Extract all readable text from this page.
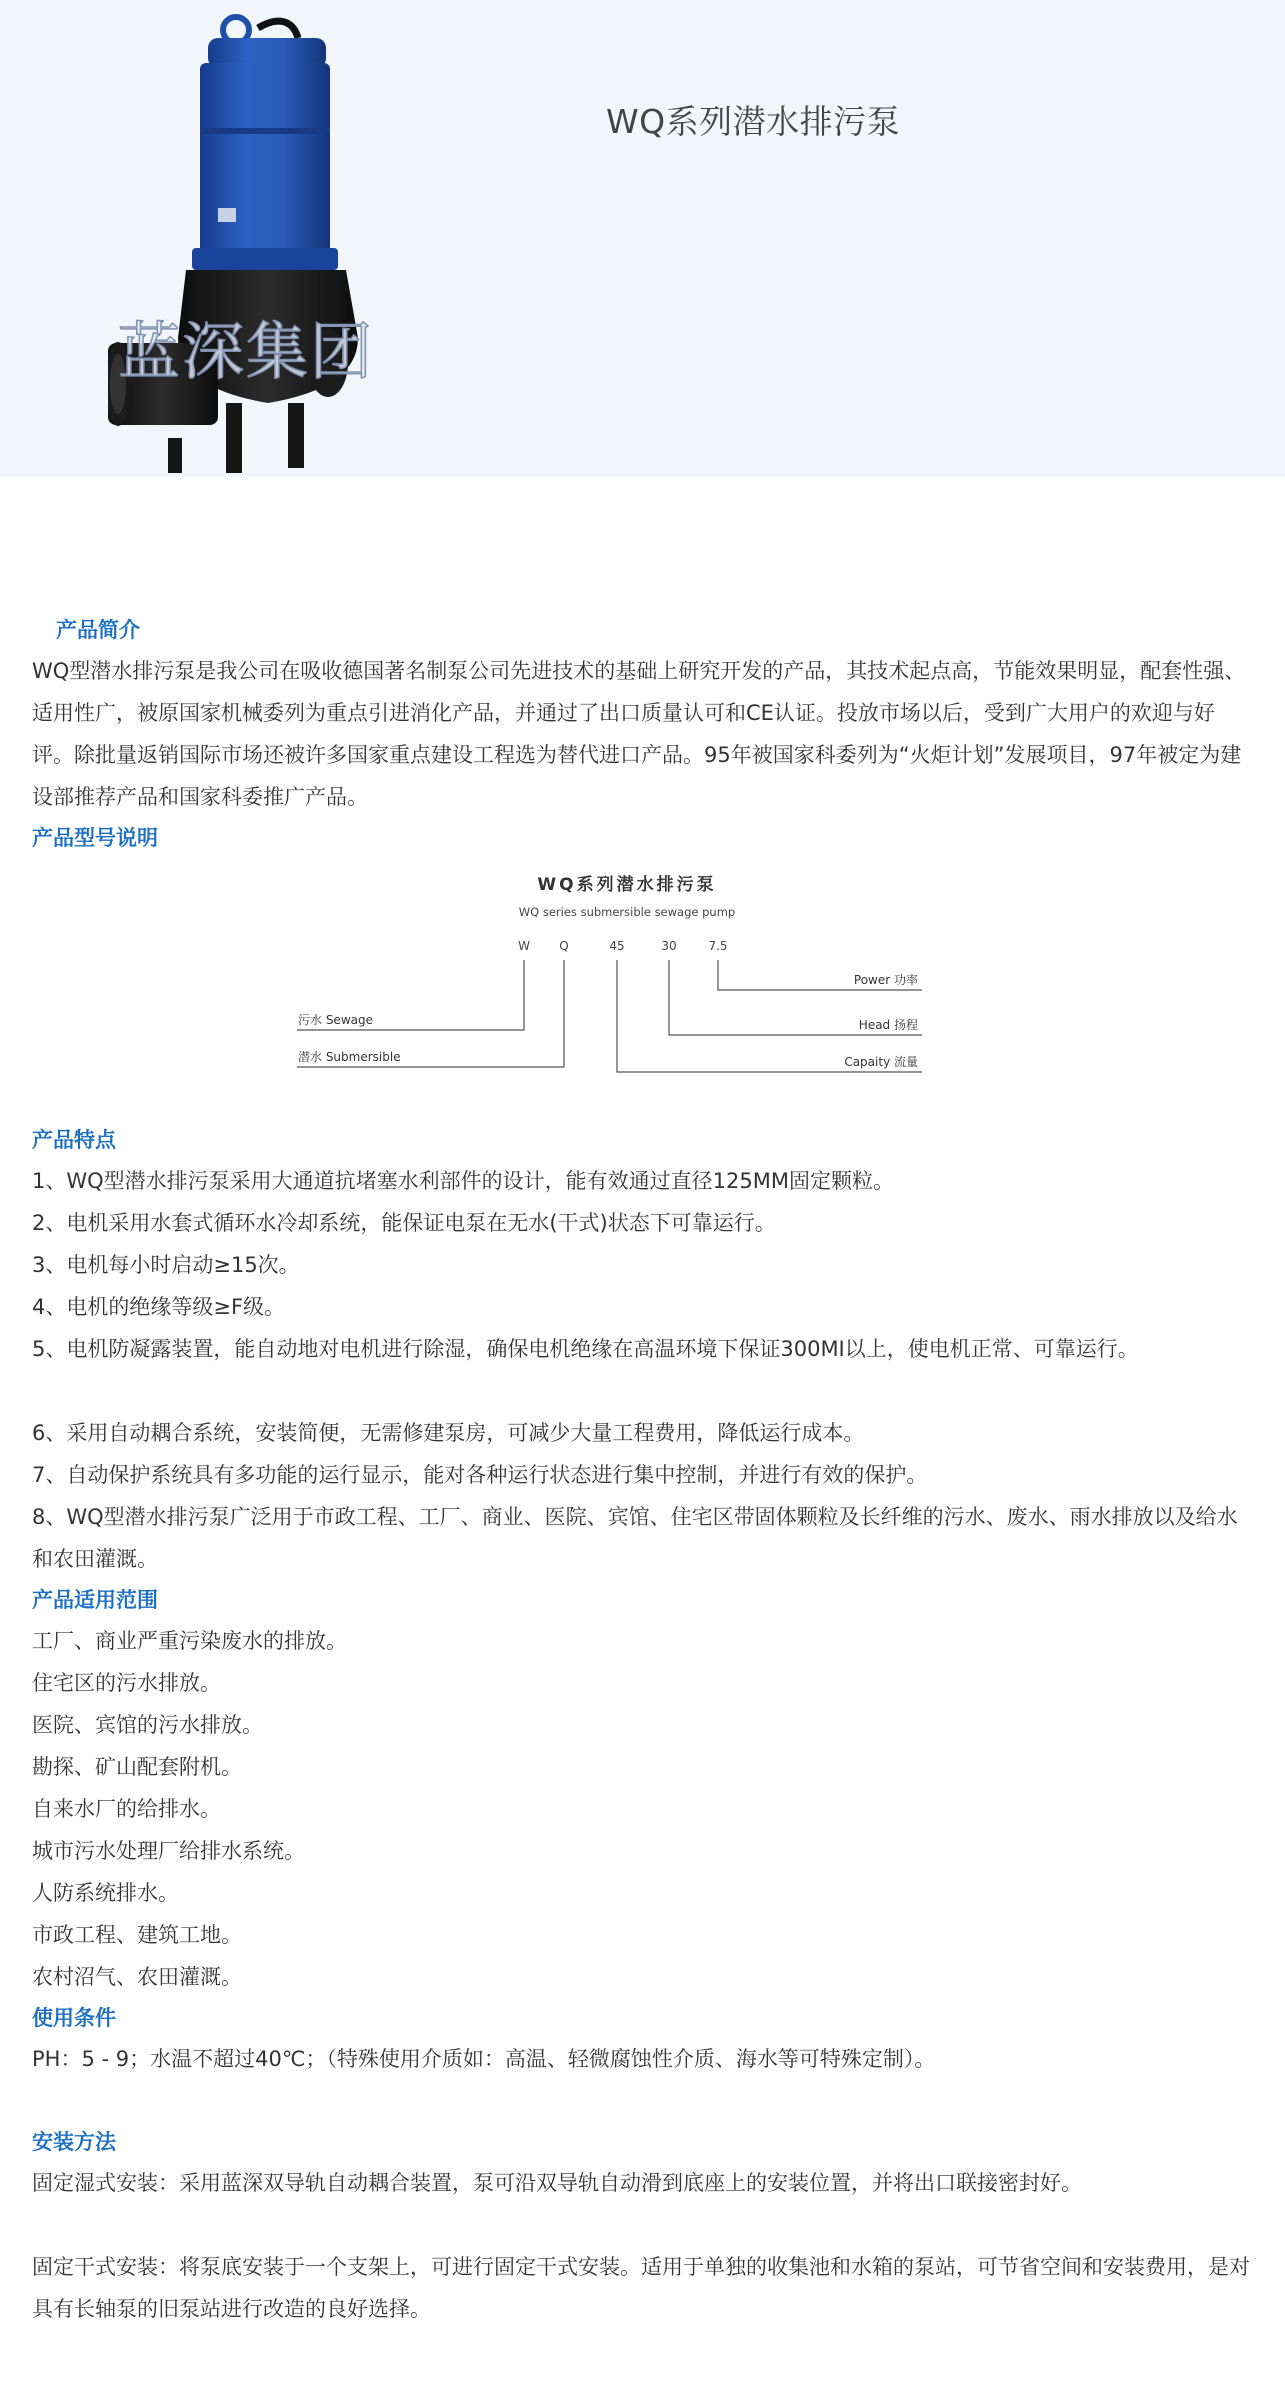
蓝深集团
WQ系列潜水排污泵
产品简介
WQ型潜水排污泵是我公司在吸收德国著名制泵公司先进技术的基础上研究开发的产品，其技术起点高，节能效果明显，配套性强、适用性广，被原国家机械委列为重点引进消化产品，并通过了出口质量认可和CE认证。投放市场以后，受到广大用户的欢迎与好评。除批量返销国际市场还被许多国家重点建设工程选为替代进口产品。95年被国家科委列为“火炬计划”发展项目，97年被定为建设部推荐产品和国家科委推广产品。
产品型号说明
WQ系列潜水排污泵
WQ series submersible sewage pump
W Q	45	30	7.5
Power 功率
Head 扬程
Capaity 流量
污水 Sewage
潜水 Submersible
产品特点
1、WQ型潜水排污泵采用大通道抗堵塞水利部件的设计，能有效通过直径125MM固定颗粒。
2、电机采用水套式循环水冷却系统，能保证电泵在无水(干式)状态下可靠运行。
3、电机每小时启动≥15次。
4、电机的绝缘等级≥F级。
5、电机防凝露装置，能自动地对电机进行除湿，确保电机绝缘在高温环境下保证300MΙ以上，使电机正常、可靠运行。
6、采用自动耦合系统，安装简便，无需修建泵房，可减少大量工程费用，降低运行成本。
7、自动保护系统具有多功能的运行显示，能对各种运行状态进行集中控制，并进行有效的保护。
8、WQ型潜水排污泵广泛用于市政工程、工厂、商业、医院、宾馆、住宅区带固体颗粒及长纤维的污水、废水、雨水排放以及给水和农田灌溉。
产品适用范围
工厂、商业严重污染废水的排放。
住宅区的污水排放。
医院、宾馆的污水排放。
勘探、矿山配套附机。
自来水厂的给排水。
城市污水处理厂给排水系统。
人防系统排水。
市政工程、建筑工地。
农村沼气、农田灌溉。
使用条件
PH：5 - 9；水温不超过40℃；（特殊使用介质如：高温、轻微腐蚀性介质、海水等可特殊定制）。
安装方法
固定湿式安装：采用蓝深双导轨自动耦合装置，泵可沿双导轨自动滑到底座上的安装位置，并将出口联接密封好。
固定干式安装：将泵底安装于一个支架上，可进行固定干式安装。适用于单独的收集池和水箱的泵站，可节省空间和安装费用，是对具有长轴泵的旧泵站进行改造的良好选择。
